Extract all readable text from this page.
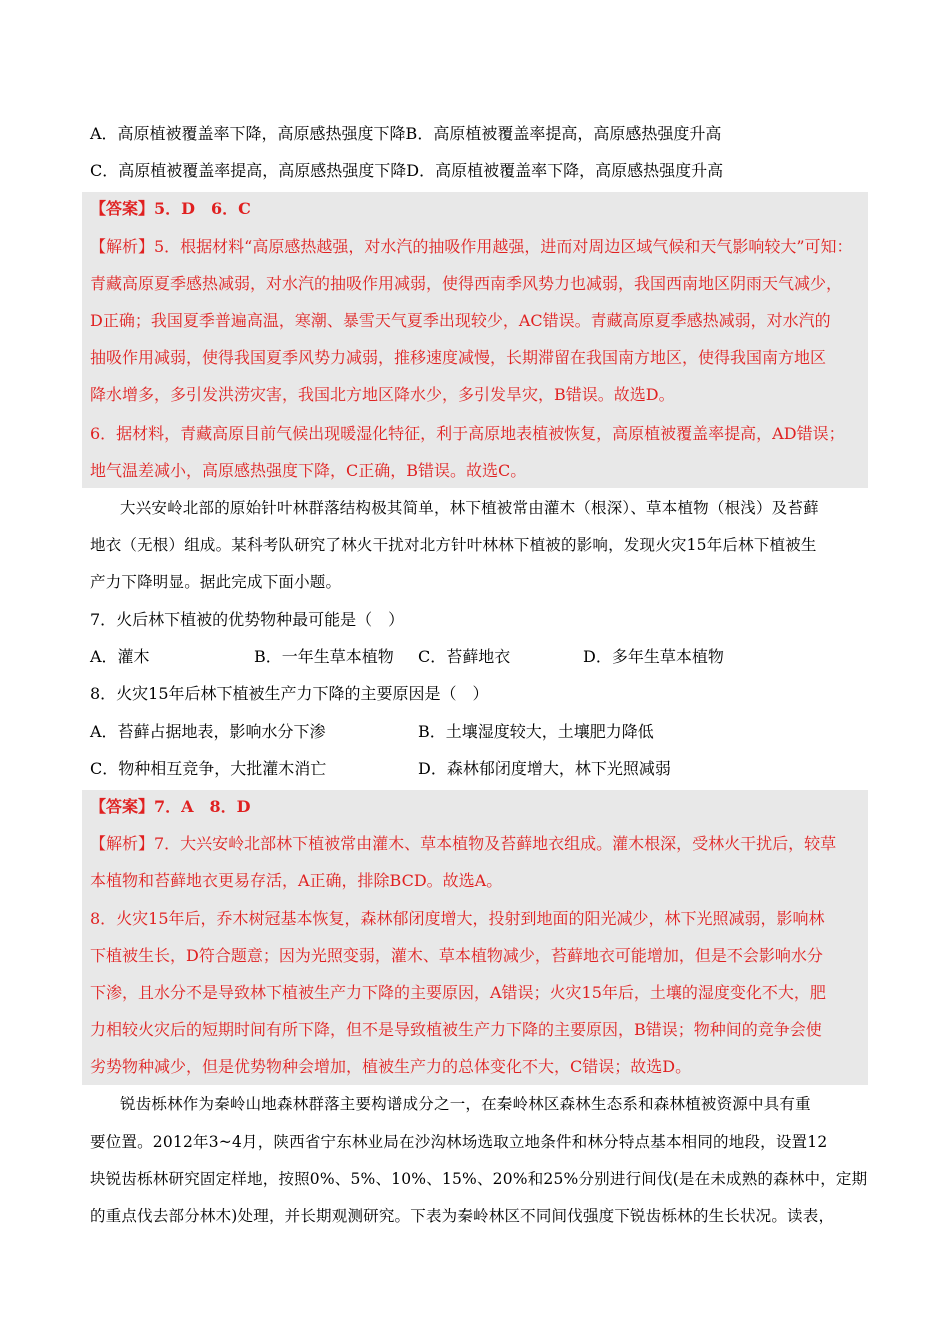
A．高原植被覆盖率下降，高原感热强度下降B．高原植被覆盖率提高，高原感热强度升高
C．高原植被覆盖率提高，高原感热强度下降D．高原植被覆盖率下降，高原感热强度升高
【答案】5．D　6．C
【解析】5．根据材料“高原感热越强，对水汽的抽吸作用越强，进而对周边区域气候和天气影响较大”可知：
青藏高原夏季感热减弱，对水汽的抽吸作用减弱，使得西南季风势力也减弱，我国西南地区阴雨天气减少，
D正确；我国夏季普遍高温，寒潮、暴雪天气夏季出现较少，AC错误。青藏高原夏季感热减弱，对水汽的
抽吸作用减弱，使得我国夏季风势力减弱，推移速度减慢，长期滞留在我国南方地区，使得我国南方地区
降水增多，多引发洪涝灾害，我国北方地区降水少，多引发旱灾，B错误。故选D。
6．据材料，青藏高原目前气候出现暖湿化特征，利于高原地表植被恢复，高原植被覆盖率提高，AD错误；
地气温差减小，高原感热强度下降，C正确，B错误。故选C。
大兴安岭北部的原始针叶林群落结构极其简单，林下植被常由灌木（根深）、草本植物（根浅）及苔藓
地衣（无根）组成。某科考队研究了林火干扰对北方针叶林林下植被的影响，发现火灾15年后林下植被生
产力下降明显。据此完成下面小题。
7．火后林下植被的优势物种最可能是（　）
A．灌木	B．一年生草本植物 C．苔藓地衣	D．多年生草本植物
8．火灾15年后林下植被生产力下降的主要原因是（　）
A．苔藓占据地表，影响水分下渗	B．土壤湿度较大，土壤肥力降低
C．物种相互竞争，大批灌木消亡	D．森林郁闭度增大，林下光照减弱
【答案】7．A　8．D
【解析】7．大兴安岭北部林下植被常由灌木、草本植物及苔藓地衣组成。灌木根深，受林火干扰后，较草
本植物和苔藓地衣更易存活，A正确，排除BCD。故选A。
8．火灾15年后，乔木树冠基本恢复，森林郁闭度增大，投射到地面的阳光减少，林下光照减弱，影响林
下植被生长，D符合题意；因为光照变弱，灌木、草本植物减少，苔藓地衣可能增加，但是不会影响水分
下渗，且水分不是导致林下植被生产力下降的主要原因，A错误；火灾15年后，土壤的湿度变化不大，肥
力相较火灾后的短期时间有所下降，但不是导致植被生产力下降的主要原因，B错误；物种间的竞争会使
劣势物种减少，但是优势物种会增加，植被生产力的总体变化不大，C错误；故选D。
锐齿栎林作为秦岭山地森林群落主要构谱成分之一，在秦岭林区森林生态系和森林植被资源中具有重
要位置。2012年3~4月，陕西省宁东林业局在沙沟林场选取立地条件和林分特点基本相同的地段，设置12
块锐齿栎林研究固定样地，按照0%、5%、10%、15%、20%和25%分别进行间伐(是在未成熟的森林中，定期
的重点伐去部分林木)处理，并长期观测研究。下表为秦岭林区不同间伐强度下锐齿栎林的生长状况。读表，
